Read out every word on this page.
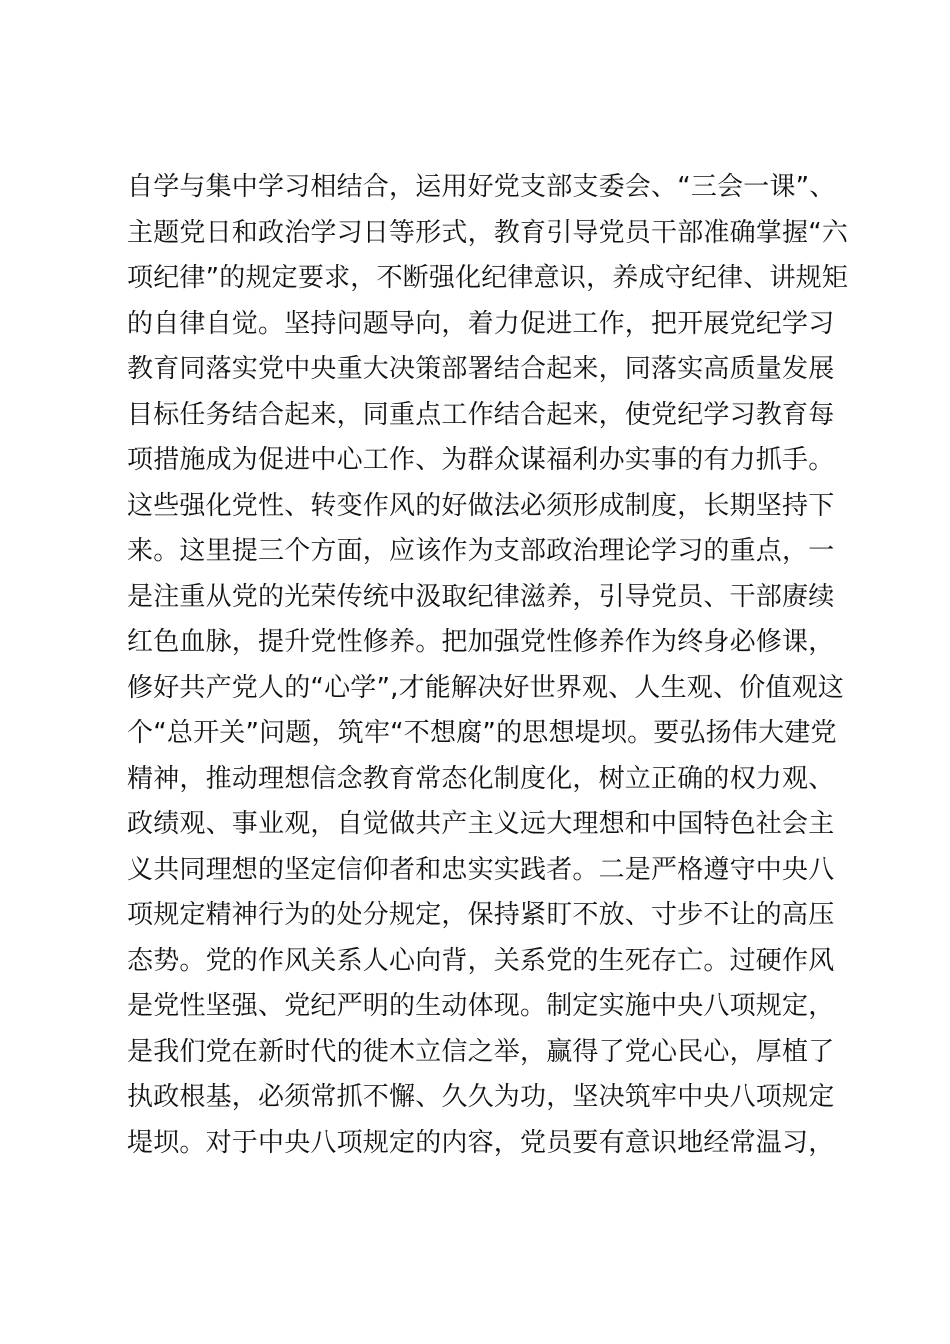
自学与集中学习相结合，运用好党支部支委会、“三会一课”、
主题党日和政治学习日等形式，教育引导党员干部准确掌握“六
项纪律”的规定要求，不断强化纪律意识，养成守纪律、讲规矩
的自律自觉。坚持问题导向，着力促进工作，把开展党纪学习
教育同落实党中央重大决策部署结合起来，同落实高质量发展
目标任务结合起来，同重点工作结合起来，使党纪学习教育每
项措施成为促进中心工作、为群众谋福利办实事的有力抓手。
这些强化党性、转变作风的好做法必须形成制度，长期坚持下
来。这里提三个方面，应该作为支部政治理论学习的重点，一
是注重从党的光荣传统中汲取纪律滋养，引导党员、干部赓续
红色血脉，提升党性修养。把加强党性修养作为终身必修课，
修好共产党人的“心学”,才能解决好世界观、人生观、价值观这
个“总开关”问题，筑牢“不想腐”的思想堤坝。要弘扬伟大建党
精神，推动理想信念教育常态化制度化，树立正确的权力观、
政绩观、事业观，自觉做共产主义远大理想和中国特色社会主
义共同理想的坚定信仰者和忠实实践者。二是严格遵守中央八
项规定精神行为的处分规定，保持紧盯不放、寸步不让的高压
态势。党的作风关系人心向背，关系党的生死存亡。过硬作风
是党性坚强、党纪严明的生动体现。制定实施中央八项规定，
是我们党在新时代的徙木立信之举，赢得了党心民心，厚植了
执政根基，必须常抓不懈、久久为功，坚决筑牢中央八项规定
堤坝。对于中央八项规定的内容，党员要有意识地经常温习，
